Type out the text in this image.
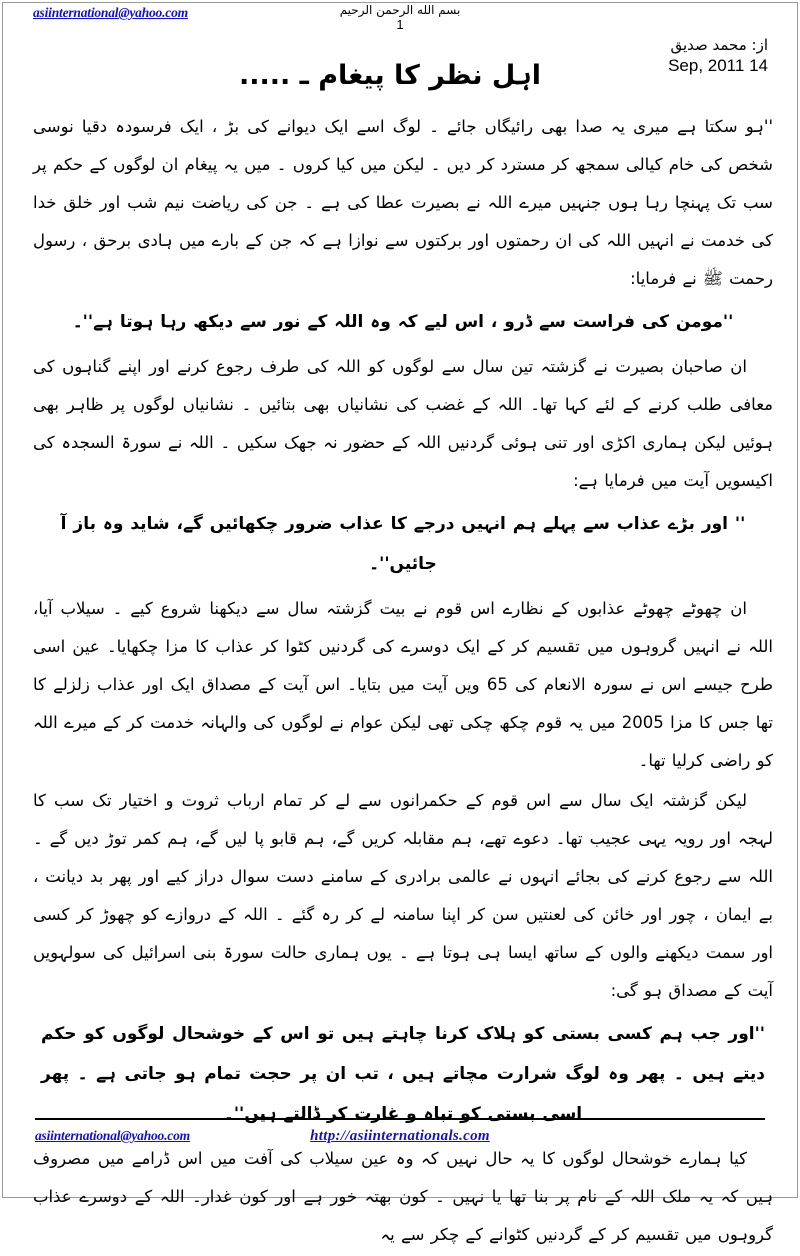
asiinternational@yahoo.com	بسم الله الرحمن الرحيم
1
از: محمد صدیق
14 Sep, 2011
اہل نظر کا پیغام ـ .....

''ہو سکتا ہے میری یہ صدا بھی رائیگاں جائے ۔ لوگ اسے ایک دیوانے کی بڑ ، ایک فرسودہ دقیا نوسی شخص کی خام کیالی سمجھ کر مسترد کر دیں ۔ لیکن میں کیا کروں ۔ میں یہ پیغام ان لوگوں کے حکم پر سب تک پہنچا رہا ہوں جنہیں میرے اللہ نے بصیرت عطا کی ہے ۔ جن کی ریاضت نیم شب اور خلق خدا کی خدمت نے انہیں اللہ کی ان رحمتوں اور برکتوں سے نوازا ہے کہ جن کے بارے میں ہادی برحق ، رسول رحمت ﷺ نے فرمایا:

''مومن کی فراست سے ڈرو ، اس لیے کہ وہ اللہ کے نور سے دیکھ رہا ہوتا ہے''۔

ان صاحبان بصیرت نے گزشتہ تین سال سے لوگوں کو اللہ کی طرف رجوع کرنے اور اپنے گناہوں کی معافی طلب کرنے کے لئے کہا تھا۔ اللہ کے غضب کی نشانیاں بھی بتائیں ۔ نشانیاں لوگوں پر ظاہر بھی ہوئیں لیکن ہماری اکڑی اور تنی ہوئی گردنیں اللہ کے حضور نہ جھک سکیں ۔ اللہ نے سورۃ السجدہ کی اکیسویں آیت میں فرمایا ہے:

'' اور بڑے عذاب سے پہلے ہم انہیں درجے کا عذاب ضرور چکھائیں گے، شاید وہ باز آ جائیں''۔

ان چھوٹے چھوٹے عذابوں کے نظارے اس قوم نے بیت گزشتہ سال سے دیکھنا شروع کیے ۔ سیلاب آیا، اللہ نے انہیں گروہوں میں تقسیم کر کے ایک دوسرے کی گردنیں کٹوا کر عذاب کا مزا چکھایا۔ عین اسی طرح جیسے اس نے سورہ الانعام کی 65 ویں آیت میں بتایا۔ اس آیت کے مصداق ایک اور عذاب زلزلے کا تھا جس کا مزا 2005 میں یہ قوم چکھ چکی تھی لیکن عوام نے لوگوں کی والہانہ خدمت کر کے میرے اللہ کو راضی کرلیا تھا۔

لیکن گزشتہ ایک سال سے اس قوم کے حکمرانوں سے لے کر تمام ارباب ثروت و اختیار تک سب کا لہجہ اور رویہ یہی عجیب تھا۔ دعوے تھے، ہم مقابلہ کریں گے، ہم قابو پا لیں گے، ہم کمر توڑ دیں گے ۔ اللہ سے رجوع کرنے کی بجائے انہوں نے عالمی برادری کے سامنے دست سوال دراز کیے اور پھر بد دیانت ، بے ایمان ، چور اور خائن کی لعنتیں سن کر اپنا سامنہ لے کر رہ گئے ۔ اللہ کے دروازے کو چھوڑ کر کسی اور سمت دیکھنے والوں کے ساتھ ایسا ہی ہوتا ہے ۔ یوں ہماری حالت سورۃ بنی اسرائیل کی سولہویں آیت کے مصداق ہو گی:

''اور جب ہم کسی بستی کو ہلاک کرنا چاہتے ہیں تو اس کے خوشحال لوگوں کو حکم دیتے ہیں ۔ پھر وہ لوگ شرارت مچاتے ہیں ، تب ان پر حجت تمام ہو جاتی ہے ۔ پھر اسی بستی کو تباہ و غارت کر ڈالتے ہیں''۔

کیا ہمارے خوشحال لوگوں کا یہ حال نہیں کہ وہ عین سیلاب کی آفت میں اس ڈرامے میں مصروف ہیں کہ یہ ملک اللہ کے نام پر بنا تھا یا نہیں ۔ کون بھتہ خور ہے اور کون غدار۔ اللہ کے دوسرے عذاب گروہوں میں تقسیم کر کے گردنیں کٹوانے کے چکر سے یہ

asiinternational@yahoo.com	http://asiinternationals.com
